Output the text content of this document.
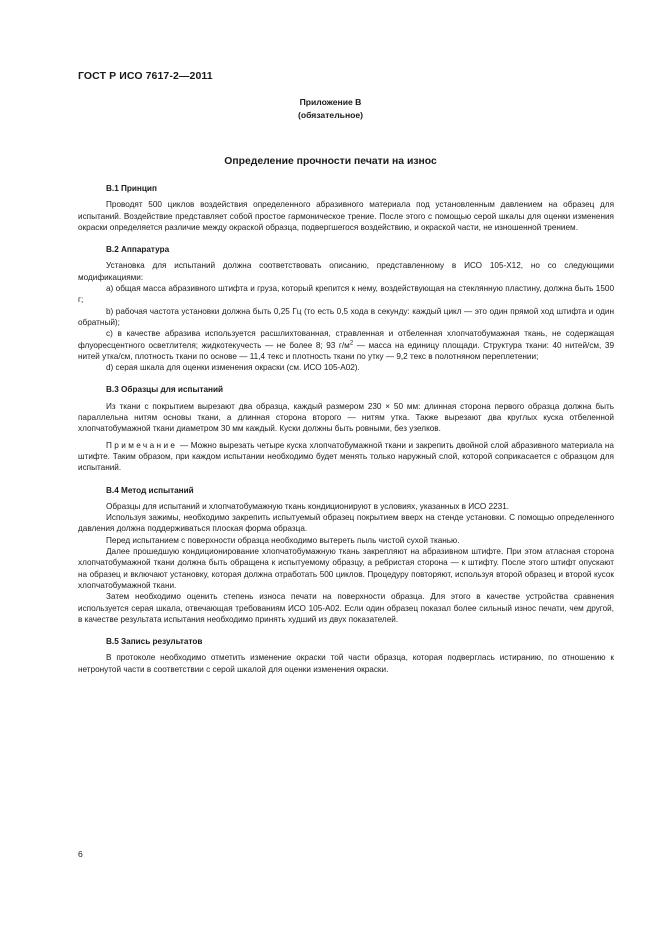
ГОСТ Р ИСО 7617-2—2011
Приложение В
(обязательное)
Определение прочности печати на износ
В.1 Принцип

Проводят 500 циклов воздействия определенного абразивного материала под установленным давлением на образец для испытаний. Воздействие представляет собой простое гармоническое трение. После этого с помощью серой шкалы для оценки изменения окраски определяется различие между окраской образца, подвергшегося воздействию, и окраской части, не изношенной трением.

В.2 Аппаратура

Установка для испытаний должна соответствовать описанию, представленному в ИСО 105-Х12, но со следующими модификациями:

а) общая масса абразивного штифта и груза, который крепится к нему, воздействующая на стеклянную пластину, должна быть 1500 г;

b) рабочая частота установки должна быть 0,25 Гц (то есть 0,5 хода в секунду: каждый цикл — это один прямой ход штифта и один обратный);

с) в качестве абразива используется расшлихтованная, стравленная и отбеленная хлопчатобумажная ткань, не содержащая флуоресцентного осветлителя; жидкотекучесть — не более 8; 93 $г/м^2$ — масса на единицу площади. Структура ткани: 40 нитей/см, 39 нитей утка/см, плотность ткани по основе — 11,4 текс и плотность ткани по утку — 9,2 текс в полотняном переплетении;

d) серая шкала для оценки изменения окраски (см. ИСО 105-А02).

В.3 Образцы для испытаний

Из ткани с покрытием вырезают два образца, каждый размером 230 × 50 мм: длинная сторона первого образца должна быть параллельна нитям основы ткани, а длинная сторона второго — нитям утка. Также вырезают два круглых куска отбеленной хлопчатобумажной ткани диаметром 30 мм каждый. Куски должны быть ровными, без узелков.

Примечание — Можно вырезать четыре куска хлопчатобумажной ткани и закрепить двойной слой абразивного материала на штифте. Таким образом, при каждом испытании необходимо будет менять только наружный слой, которой соприкасается с образцом для испытаний.

В.4 Метод испытаний

Образцы для испытаний и хлопчатобумажную ткань кондиционируют в условиях, указанных в ИСО 2231.

Используя зажимы, необходимо закрепить испытуемый образец покрытием вверх на стенде установки. С помощью определенного давления должна поддерживаться плоская форма образца.

Перед испытанием с поверхности образца необходимо вытереть пыль чистой сухой тканью.

Далее прошедшую кондиционирование хлопчатобумажную ткань закрепляют на абразивном штифте. При этом атласная сторона хлопчатобумажной ткани должна быть обращена к испытуемому образцу, а ребристая сторона — к штифту. После этого штифт опускают на образец и включают установку, которая должна отработать 500 циклов. Процедуру повторяют, используя второй образец и второй кусок хлопчатобумажной ткани.

Затем необходимо оценить степень износа печати на поверхности образца. Для этого в качестве устройства сравнения используется серая шкала, отвечающая требованиям ИСО 105-А02. Если один образец показал более сильный износ печати, чем другой, в качестве результата испытания необходимо принять худший из двух показателей.

В.5 Запись результатов

В протоколе необходимо отметить изменение окраски той части образца, которая подверглась истиранию, по отношению к нетронутой части в соответствии с серой шкалой для оценки изменения окраски.

6
